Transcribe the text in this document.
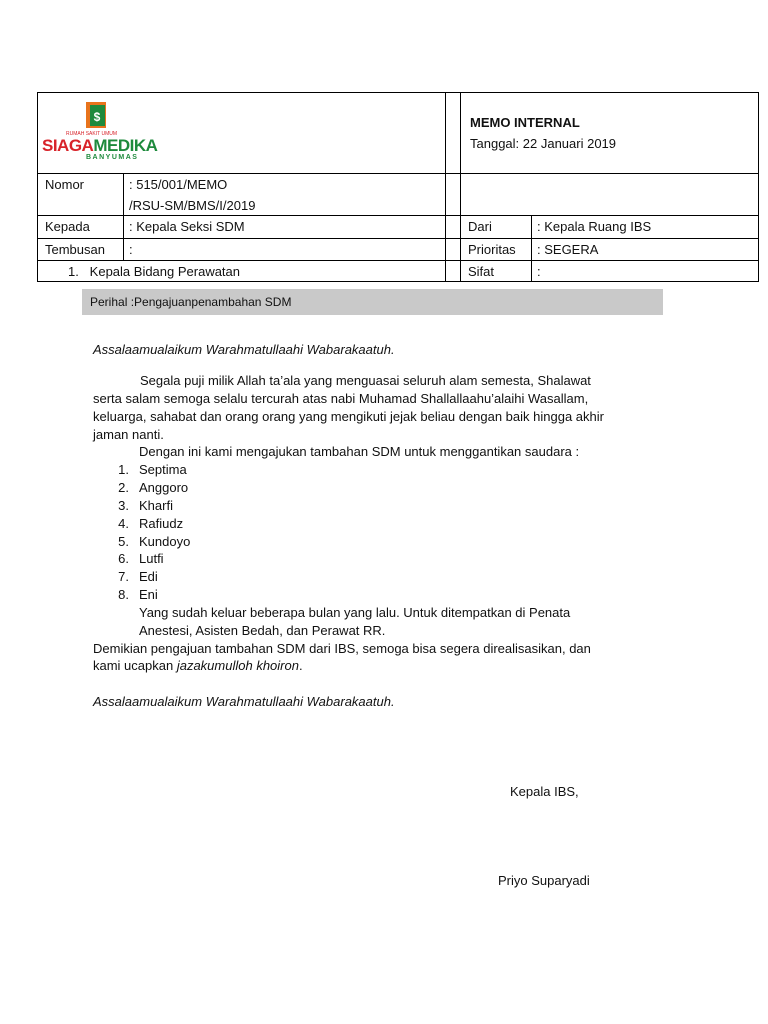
$
RUMAH SAKIT UMUM
SIAGAMEDIKA
BANYUMAS
MEMO INTERNAL
Tanggal: 22 Januari 2019
Nomor	: 515/001/MEMO
/RSU-SM/BMS/I/2019
Kepada	: Kepala Seksi SDM	Dari	: Kepala Ruang IBS
Tembusan :	Prioritas : SEGERA
1.   Kepala Bidang Perawatan	Sifat	:
Perihal :Pengajuanpenambahan SDM
Assalaamualaikum Warahmatullaahi Wabarakaatuh.
Segala puji milik Allah ta’ala yang menguasai seluruh alam semesta, Shalawat
serta salam semoga selalu tercurah atas nabi Muhamad Shallallaahu’alaihi Wasallam,
keluarga, sahabat dan orang orang yang mengikuti jejak beliau dengan baik hingga akhir
jaman nanti.
Dengan ini kami mengajukan tambahan SDM untuk menggantikan saudara :
1. Septima
2. Anggoro
3. Kharfi
4. Rafiudz
5. Kundoyo
6. Lutfi
7. Edi
8. Eni
Yang sudah keluar beberapa bulan yang lalu. Untuk ditempatkan di Penata
Anestesi, Asisten Bedah, dan Perawat RR.
Demikian pengajuan tambahan SDM dari IBS, semoga bisa segera direalisasikan, dan
kami ucapkan jazakumulloh khoiron.
Assalaamualaikum Warahmatullaahi Wabarakaatuh.
Kepala IBS,
Priyo Suparyadi
